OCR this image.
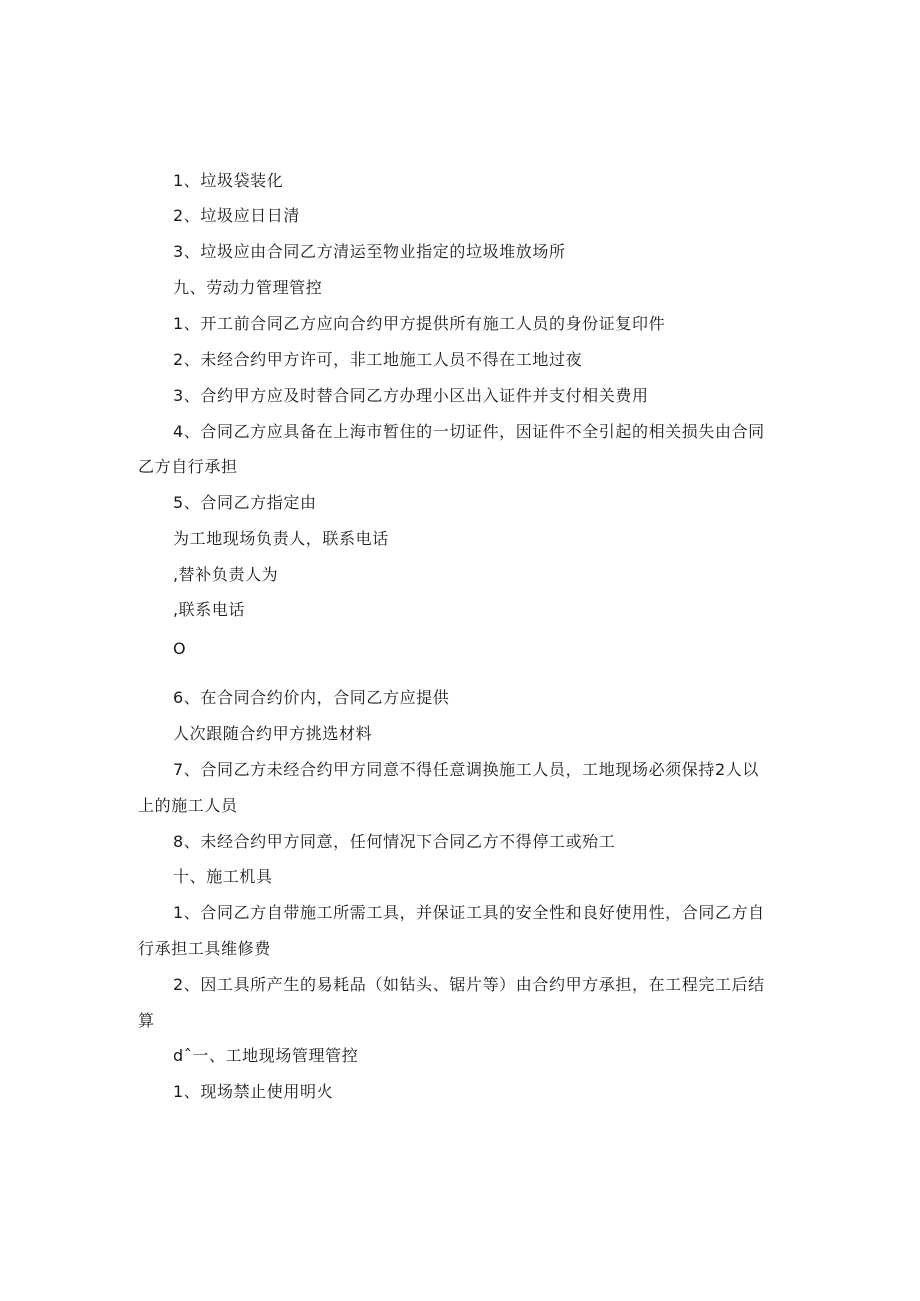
1、垃圾袋装化
2、垃圾应日日清
3、垃圾应由合同乙方清运至物业指定的垃圾堆放场所
九、劳动力管理管控
1、开工前合同乙方应向合约甲方提供所有施工人员的身份证复印件
2、未经合约甲方许可，非工地施工人员不得在工地过夜
3、合约甲方应及时替合同乙方办理小区出入证件并支付相关费用
4、合同乙方应具备在上海市暂住的一切证件，因证件不全引起的相关损失由合同
乙方自行承担
5、合同乙方指定由
为工地现场负责人，联系电话
,替补负责人为
,联系电话
O
6、在合同合约价内，合同乙方应提供
人次跟随合约甲方挑选材料
7、合同乙方未经合约甲方同意不得任意调换施工人员，工地现场必须保持2人以
上的施工人员
8、未经合约甲方同意，任何情况下合同乙方不得停工或殆工
十、施工机具
1、合同乙方自带施工所需工具，并保证工具的安全性和良好使用性，合同乙方自
行承担工具维修费
2、因工具所产生的易耗品（如钻头、锯片等）由合约甲方承担，在工程完工后结
算
dˆ一、工地现场管理管控
1、现场禁止使用明火
